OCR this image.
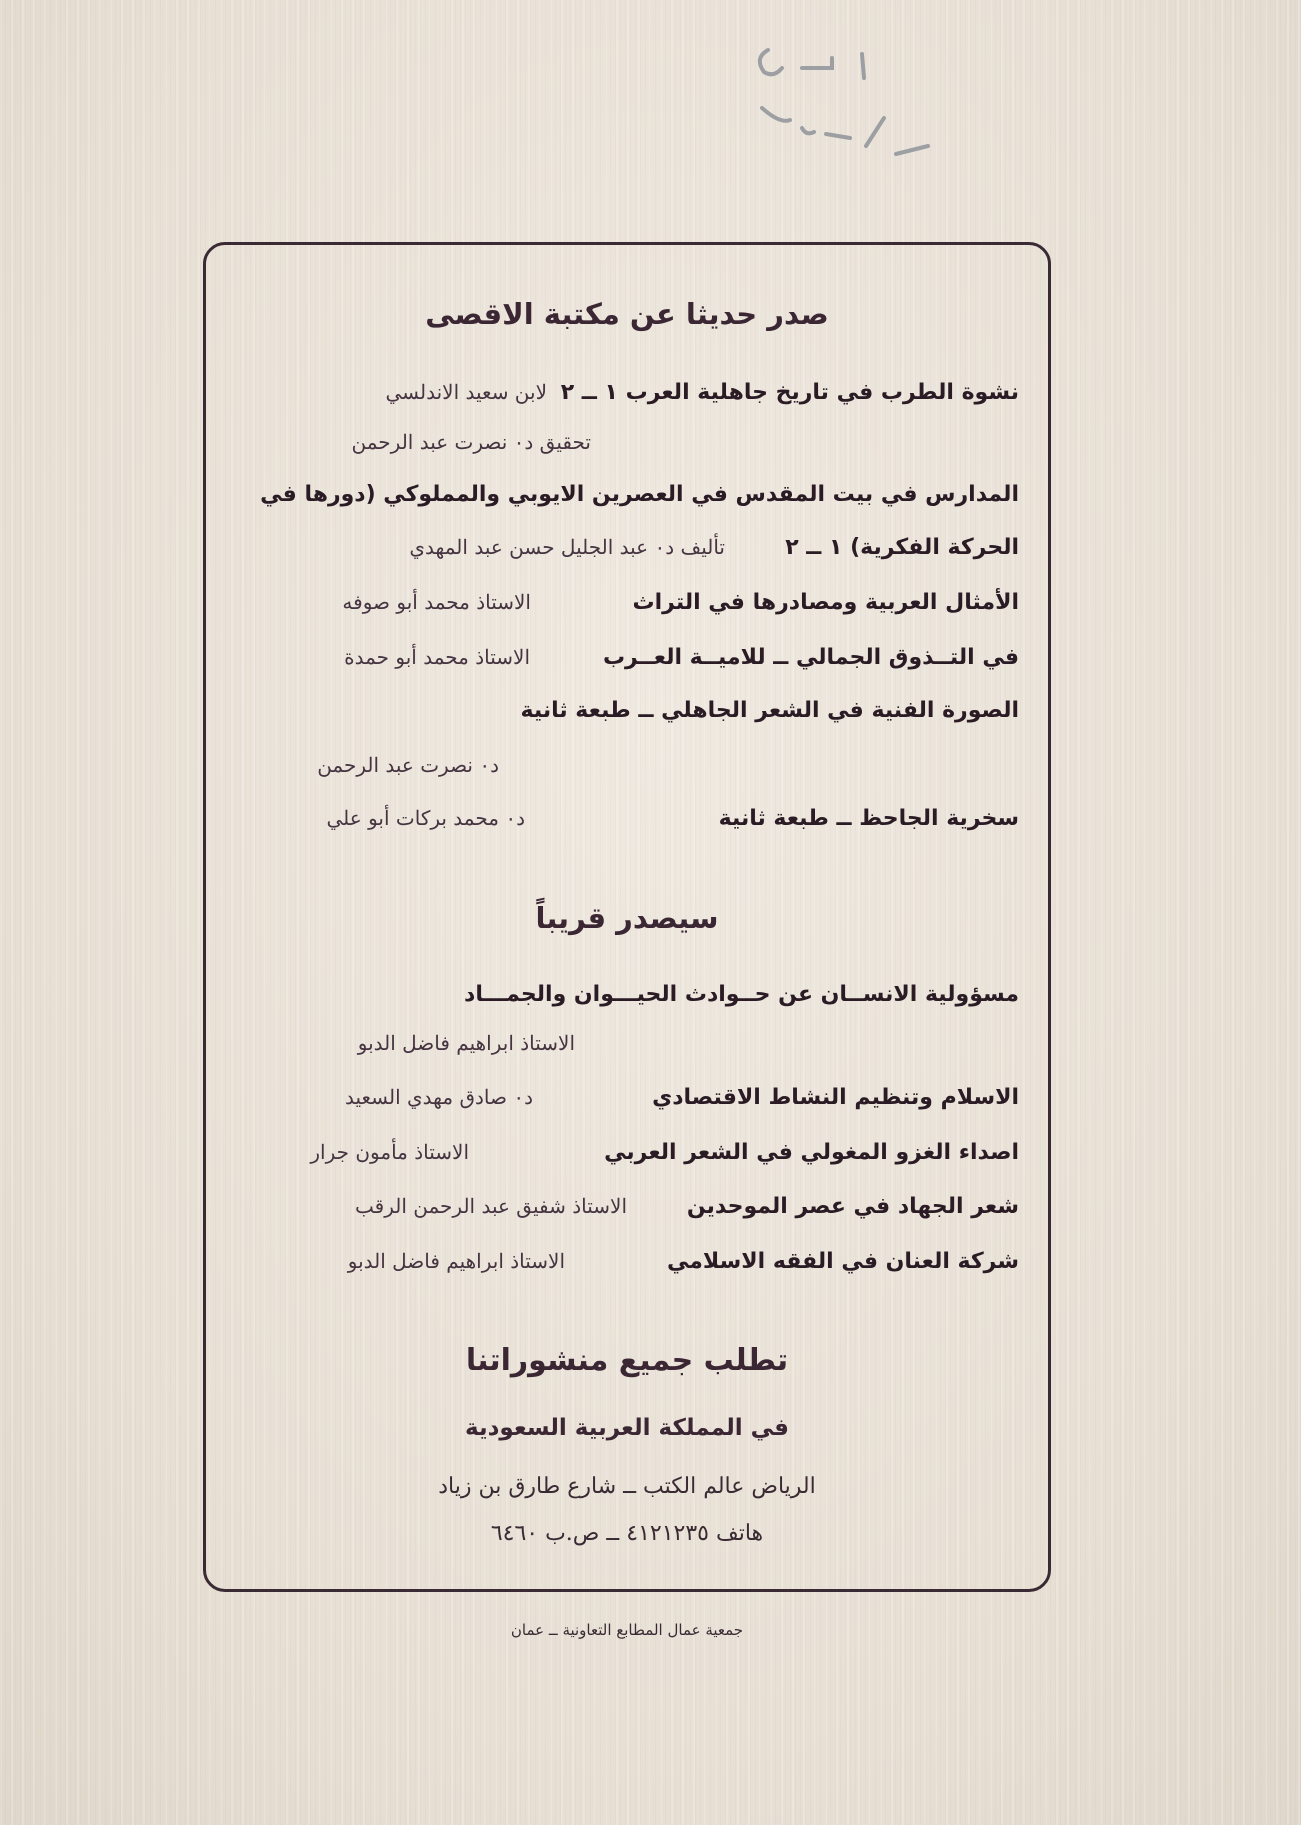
صدر حديثا عن مكتبة الاقصى
نشوة الطرب في تاريخ جاهلية العرب ١ ــ ٢
لابن سعيد الاندلسي
تحقيق د٠ نصرت عبد الرحمن
المدارس في بيت المقدس في العصرين الايوبي والمملوكي (دورها في
الحركة الفكرية) ١ ــ ٢
تأليف د٠ عبد الجليل حسن عبد المهدي
الأمثال العربية ومصادرها في التراث
الاستاذ محمد أبو صوفه
في التــذوق الجمالي ــ للاميــة العــرب
الاستاذ محمد أبو حمدة
الصورة الفنية في الشعر الجاهلي ــ طبعة ثانية
د٠ نصرت عبد الرحمن
سخرية الجاحظ ــ طبعة ثانية
د٠ محمد بركات أبو علي
سيصدر قريباً
مسؤولية الانســان عن حــوادث الحيـــوان والجمـــاد
الاستاذ ابراهيم فاضل الدبو
الاسلام وتنظيم النشاط الاقتصادي
د٠ صادق مهدي السعيد
اصداء الغزو المغولي في الشعر العربي
الاستاذ مأمون جرار
شعر الجهاد في عصر الموحدين
الاستاذ شفيق عبد الرحمن الرقب
شركة العنان في الفقه الاسلامي
الاستاذ ابراهيم فاضل الدبو
تطلب جميع منشوراتنا
في المملكة العربية السعودية
الرياض عالم الكتب ــ شارع طارق بن زياد
هاتف ٤١٢١٢٣٥ ــ ص.ب ٦٤٦٠
جمعية عمال المطابع التعاونية ــ عمان
